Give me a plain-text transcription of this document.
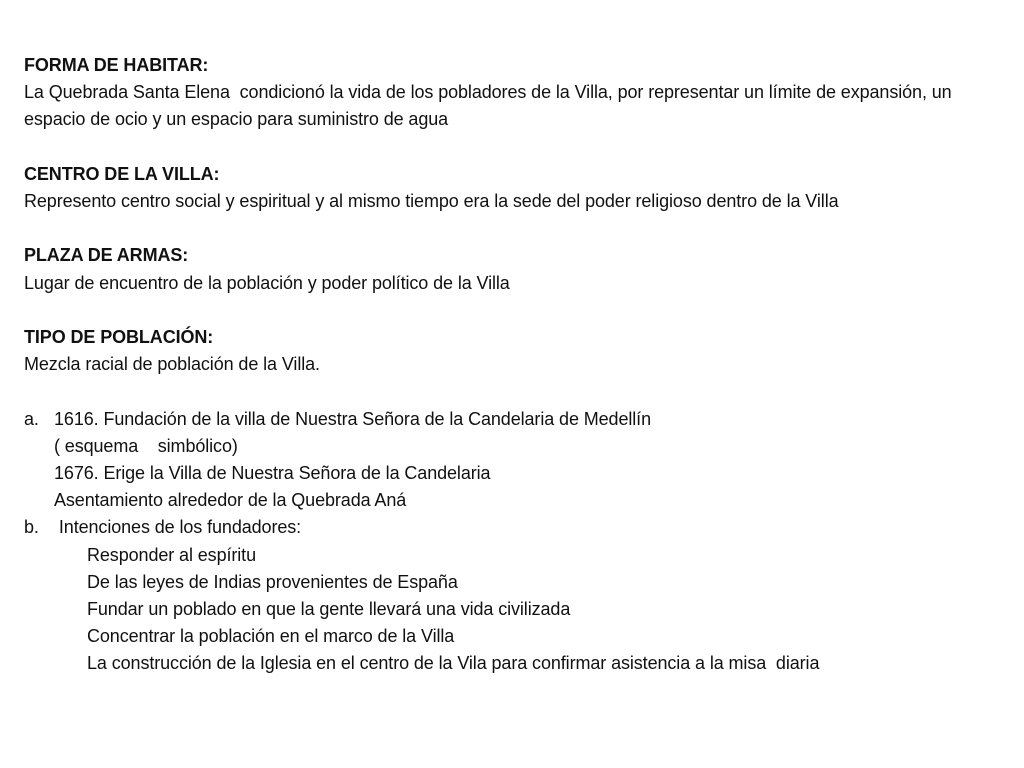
FORMA DE HABITAR:
La Quebrada Santa Elena  condicionó la vida de los pobladores de la Villa, por representar un límite de expansión, un espacio de ocio y un espacio para suministro de agua
CENTRO DE LA VILLA:
Represento centro social y espiritual y al mismo tiempo era la sede del poder religioso dentro de la Villa
PLAZA DE ARMAS:
Lugar de encuentro de la población y poder político de la Villa
TIPO DE POBLACIÓN:
Mezcla racial de población de la Villa.
a. 1616. Fundación de la villa de Nuestra Señora de la Candelaria de Medellín
( esquema    simbólico)
1676. Erige la Villa de Nuestra Señora de la Candelaria
Asentamiento alrededor de la Quebrada Aná
b. Intenciones de los fundadores:
Responder al espíritu
De las leyes de Indias provenientes de España
Fundar un poblado en que la gente llevará una vida civilizada
Concentrar la población en el marco de la Villa
La construcción de la Iglesia en el centro de la Vila para confirmar asistencia a la misa  diaria
